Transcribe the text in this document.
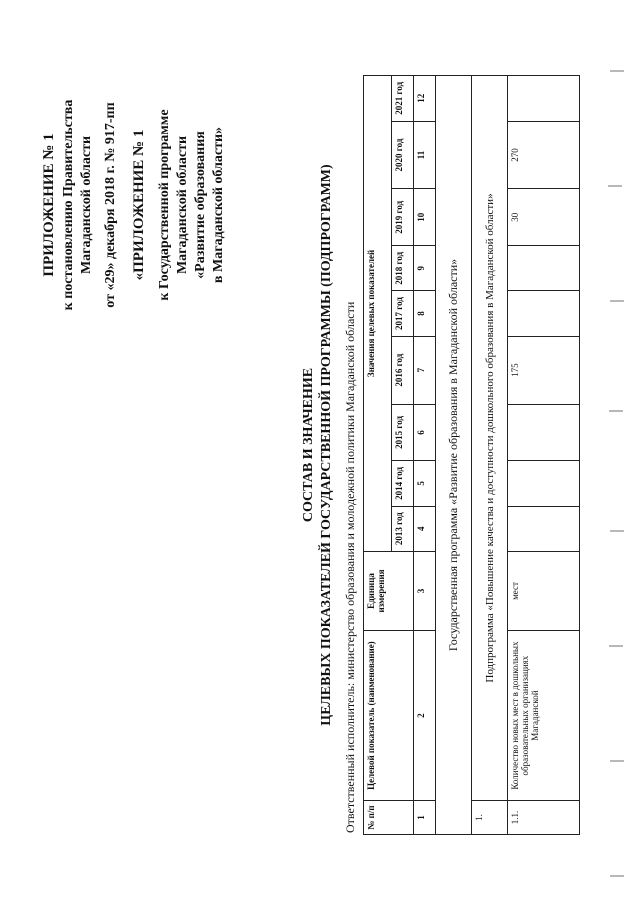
ПРИЛОЖЕНИЕ № 1 к постановлению Правительства Магаданской области от «29» декабря 2018 г. № 917-пп «ПРИЛОЖЕНИЕ № 1 к Государственной программе Магаданской области «Развитие образования в Магаданской области»
СОСТАВ И ЗНАЧЕНИЕ ЦЕЛЕВЫХ ПОКАЗАТЕЛЕЙ ГОСУДАРСТВЕННОЙ ПРОГРАММЫ (ПОДПРОГРАММ) Ответственный исполнитель: министерство образования и молодежной политики Магаданской области № п/п	Целевой показатель (наименование)	Единица измерения	Значения целевых показателей								
			2013 год	2014 год	2015 год	2016 год	2017 год	2018 год	2019 год	2020 год	2021 год
1	2	3	4	5	6	7	8	9	10	11	12
Государственная программа «Развитие образования в Магаданской области»											
1.	Подпрограмма «Повышение качества и доступности дошкольного образования в Магаданской области»										
1.1.	Количество новых мест в дошкольных образовательных организациях Магаданской	мест				175			30	270	
